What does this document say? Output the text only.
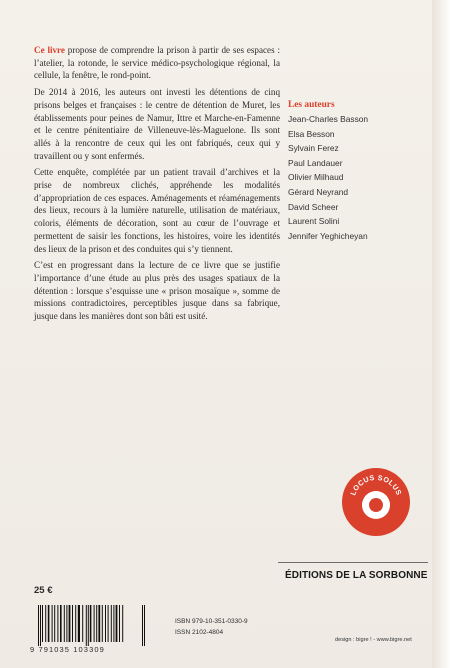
Ce livre propose de comprendre la prison à partir de ses espaces : l’atelier, la rotonde, le service médico-psychologique régional, la cellule, la fenêtre, le rond-point.

De 2014 à 2016, les auteurs ont investi les détentions de cinq prisons belges et françaises : le centre de détention de Muret, les établissements pour peines de Namur, Ittre et Marche-en-Famenne et le centre pénitentiaire de Villeneuve-lès-Maguelone. Ils sont allés à la rencontre de ceux qui les ont fabriqués, ceux qui y travaillent ou y sont enfermés.

Cette enquête, complétée par un patient travail d’archives et la prise de nombreux clichés, appréhende les modalités d’appropriation de ces espaces. Aménagements et réaménagements des lieux, recours à la lumière naturelle, utilisation de matériaux, coloris, éléments de décoration, sont au cœur de l’ouvrage et permettent de saisir les fonctions, les histoires, voire les identités des lieux de la prison et des conduites qui s’y tiennent.

C’est en progressant dans la lecture de ce livre que se justifie l’importance d’une étude au plus près des usages spatiaux de la détention : lorsque s’esquisse une « prison mosaïque », somme de missions contradictoires, perceptibles jusque dans sa fabrique, jusque dans les manières dont son bâti est usité.

Les auteurs
Jean-Charles Basson
Elsa Besson
Sylvain Ferez
Paul Landauer
Olivier Milhaud
Gérard Neyrand
David Scheer
Laurent Solini
Jennifer Yeghicheyan
LOCUS SOLUS
ÉDITIONS DE LA SORBONNE
25 €
9 791035 103309
ISBN 979-10-351-0330-9
ISSN 2102-4804
design : bigre ! - www.bigre.net
